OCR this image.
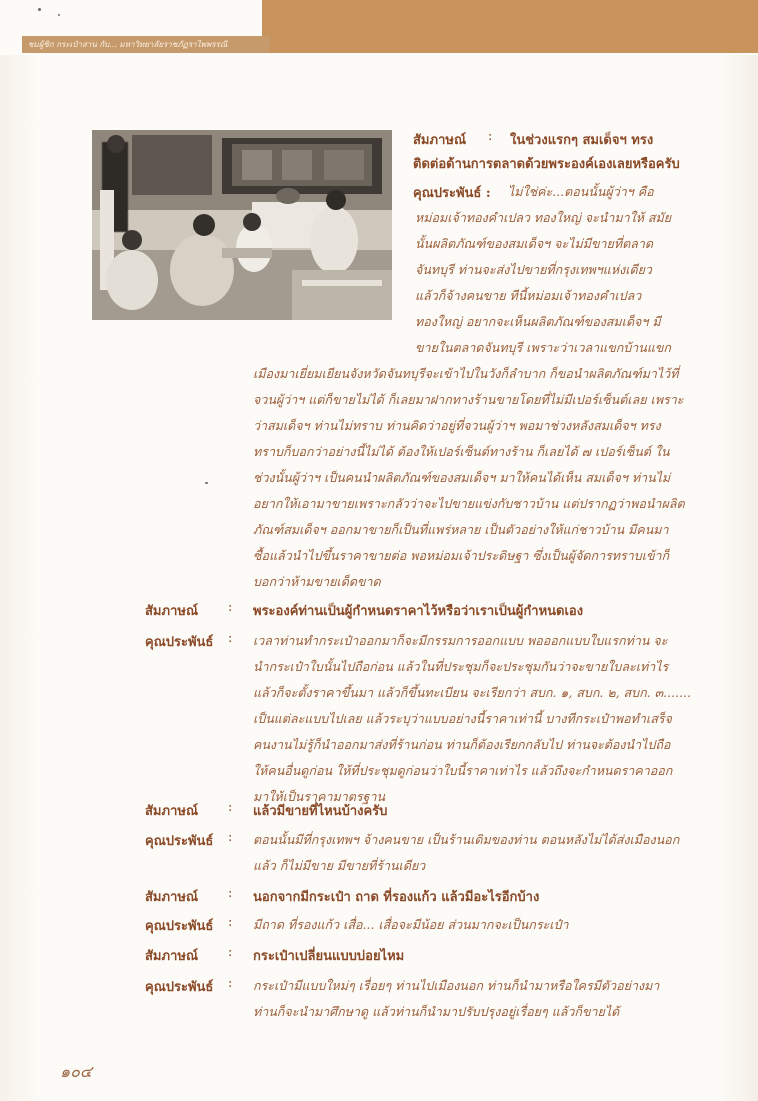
ชมผู้ชิก กระเป๋าสาน กับ... มหาวิทยาลัยราชภัฏราไพพรรณี
สัมภาษณ์ : ในช่วงแรกๆ สมเด็จฯ ทรง
ติดต่อด้านการตลาดด้วยพระองค์เองเลยหรือครับ
คุณประพันธ์ : ไม่ใช่ค่ะ...ตอนนั้นผู้ว่าฯ คือ
หม่อมเจ้าทองคำเปลว ทองใหญ่ จะนำมาให้ สมัย
นั้นผลิตภัณฑ์ของสมเด็จฯ จะไม่มีขายที่ตลาด
จันทบุรี ท่านจะส่งไปขายที่กรุงเทพฯแห่งเดียว
แล้วก็จ้างคนขาย ทีนี้หม่อมเจ้าทองคำเปลว
ทองใหญ่ อยากจะเห็นผลิตภัณฑ์ของสมเด็จฯ มี
ขายในตลาดจันทบุรี เพราะว่าเวลาแขกบ้านแขก
เมืองมาเยี่ยมเยียนจังหวัดจันทบุรีจะเข้าไปในวังก็ลำบาก ก็ขอนำผลิตภัณฑ์มาไว้ที่
จวนผู้ว่าฯ แต่ก็ขายไม่ได้ ก็เลยมาฝากทางร้านขายโดยที่ไม่มีเปอร์เซ็นต์เลย เพราะ
ว่าสมเด็จฯ ท่านไม่ทราบ ท่านคิดว่าอยู่ที่จวนผู้ว่าฯ พอมาช่วงหลังสมเด็จฯ ทรง
ทราบก็บอกว่าอย่างนี้ไม่ได้ ต้องให้เปอร์เซ็นต์ทางร้าน ก็เลยได้ ๗ เปอร์เซ็นต์ ใน
ช่วงนั้นผู้ว่าฯ เป็นคนนำผลิตภัณฑ์ของสมเด็จฯ มาให้คนได้เห็น สมเด็จฯ ท่านไม่
อยากให้เอามาขายเพราะกลัวว่าจะไปขายแข่งกับชาวบ้าน แต่ปรากฏว่าพอนำผลิต
ภัณฑ์สมเด็จฯ ออกมาขายก็เป็นที่แพร่หลาย เป็นตัวอย่างให้แก่ชาวบ้าน มีคนมา
ซื้อแล้วนำไปขึ้นราคาขายต่อ พอหม่อมเจ้าประดิษฐา ซึ่งเป็นผู้จัดการทราบเข้าก็
บอกว่าห้ามขายเด็ดขาด
สัมภาษณ์ : พระองค์ท่านเป็นผู้กำหนดราคาไว้หรือว่าเราเป็นผู้กำหนดเอง
คุณประพันธ์ : เวลาท่านทำกระเป๋าออกมาก็จะมีกรรมการออกแบบ พอออกแบบใบแรกท่าน จะ
นำกระเป๋าใบนั้นไปถือก่อน แล้วในที่ประชุมก็จะประชุมกันว่าจะขายใบละเท่าไร
แล้วก็จะตั้งราคาขึ้นมา แล้วก็ขึ้นทะเบียน จะเรียกว่า สบก. ๑, สบก. ๒, สบก. ๓.......
เป็นแต่ละแบบไปเลย แล้วระบุว่าแบบอย่างนี้ราคาเท่านี้ บางทีกระเป๋าพอทำเสร็จ
คนงานไม่รู้ก็นำออกมาส่งที่ร้านก่อน ท่านก็ต้องเรียกกลับไป ท่านจะต้องนำไปถือ
ให้คนอื่นดูก่อน ให้ที่ประชุมดูก่อนว่าใบนี้ราคาเท่าไร แล้วถึงจะกำหนดราคาออก
มาให้เป็นราคามาตรฐาน
สัมภาษณ์ : แล้วมีขายที่ไหนบ้างครับ
คุณประพันธ์ : ตอนนั้นมีที่กรุงเทพฯ จ้างคนขาย เป็นร้านเดิมของท่าน ตอนหลังไม่ได้ส่งเมืองนอก
แล้ว ก็ไม่มีขาย มีขายที่ร้านเดียว
สัมภาษณ์ : นอกจากมีกระเป๋า ถาด ที่รองแก้ว แล้วมีอะไรอีกบ้าง
คุณประพันธ์ : มีถาด ที่รองแก้ว เสื่อ... เสื่อจะมีน้อย ส่วนมากจะเป็นกระเป๋า
สัมภาษณ์ : กระเป๋าเปลี่ยนแบบบ่อยไหม
คุณประพันธ์ : กระเป๋ามีแบบใหม่ๆ เรื่อยๆ ท่านไปเมืองนอก ท่านก็นำมาหรือใครมีตัวอย่างมา
ท่านก็จะนำมาศึกษาดู แล้วท่านก็นำมาปรับปรุงอยู่เรื่อยๆ แล้วก็ขายได้
๑๐๔
